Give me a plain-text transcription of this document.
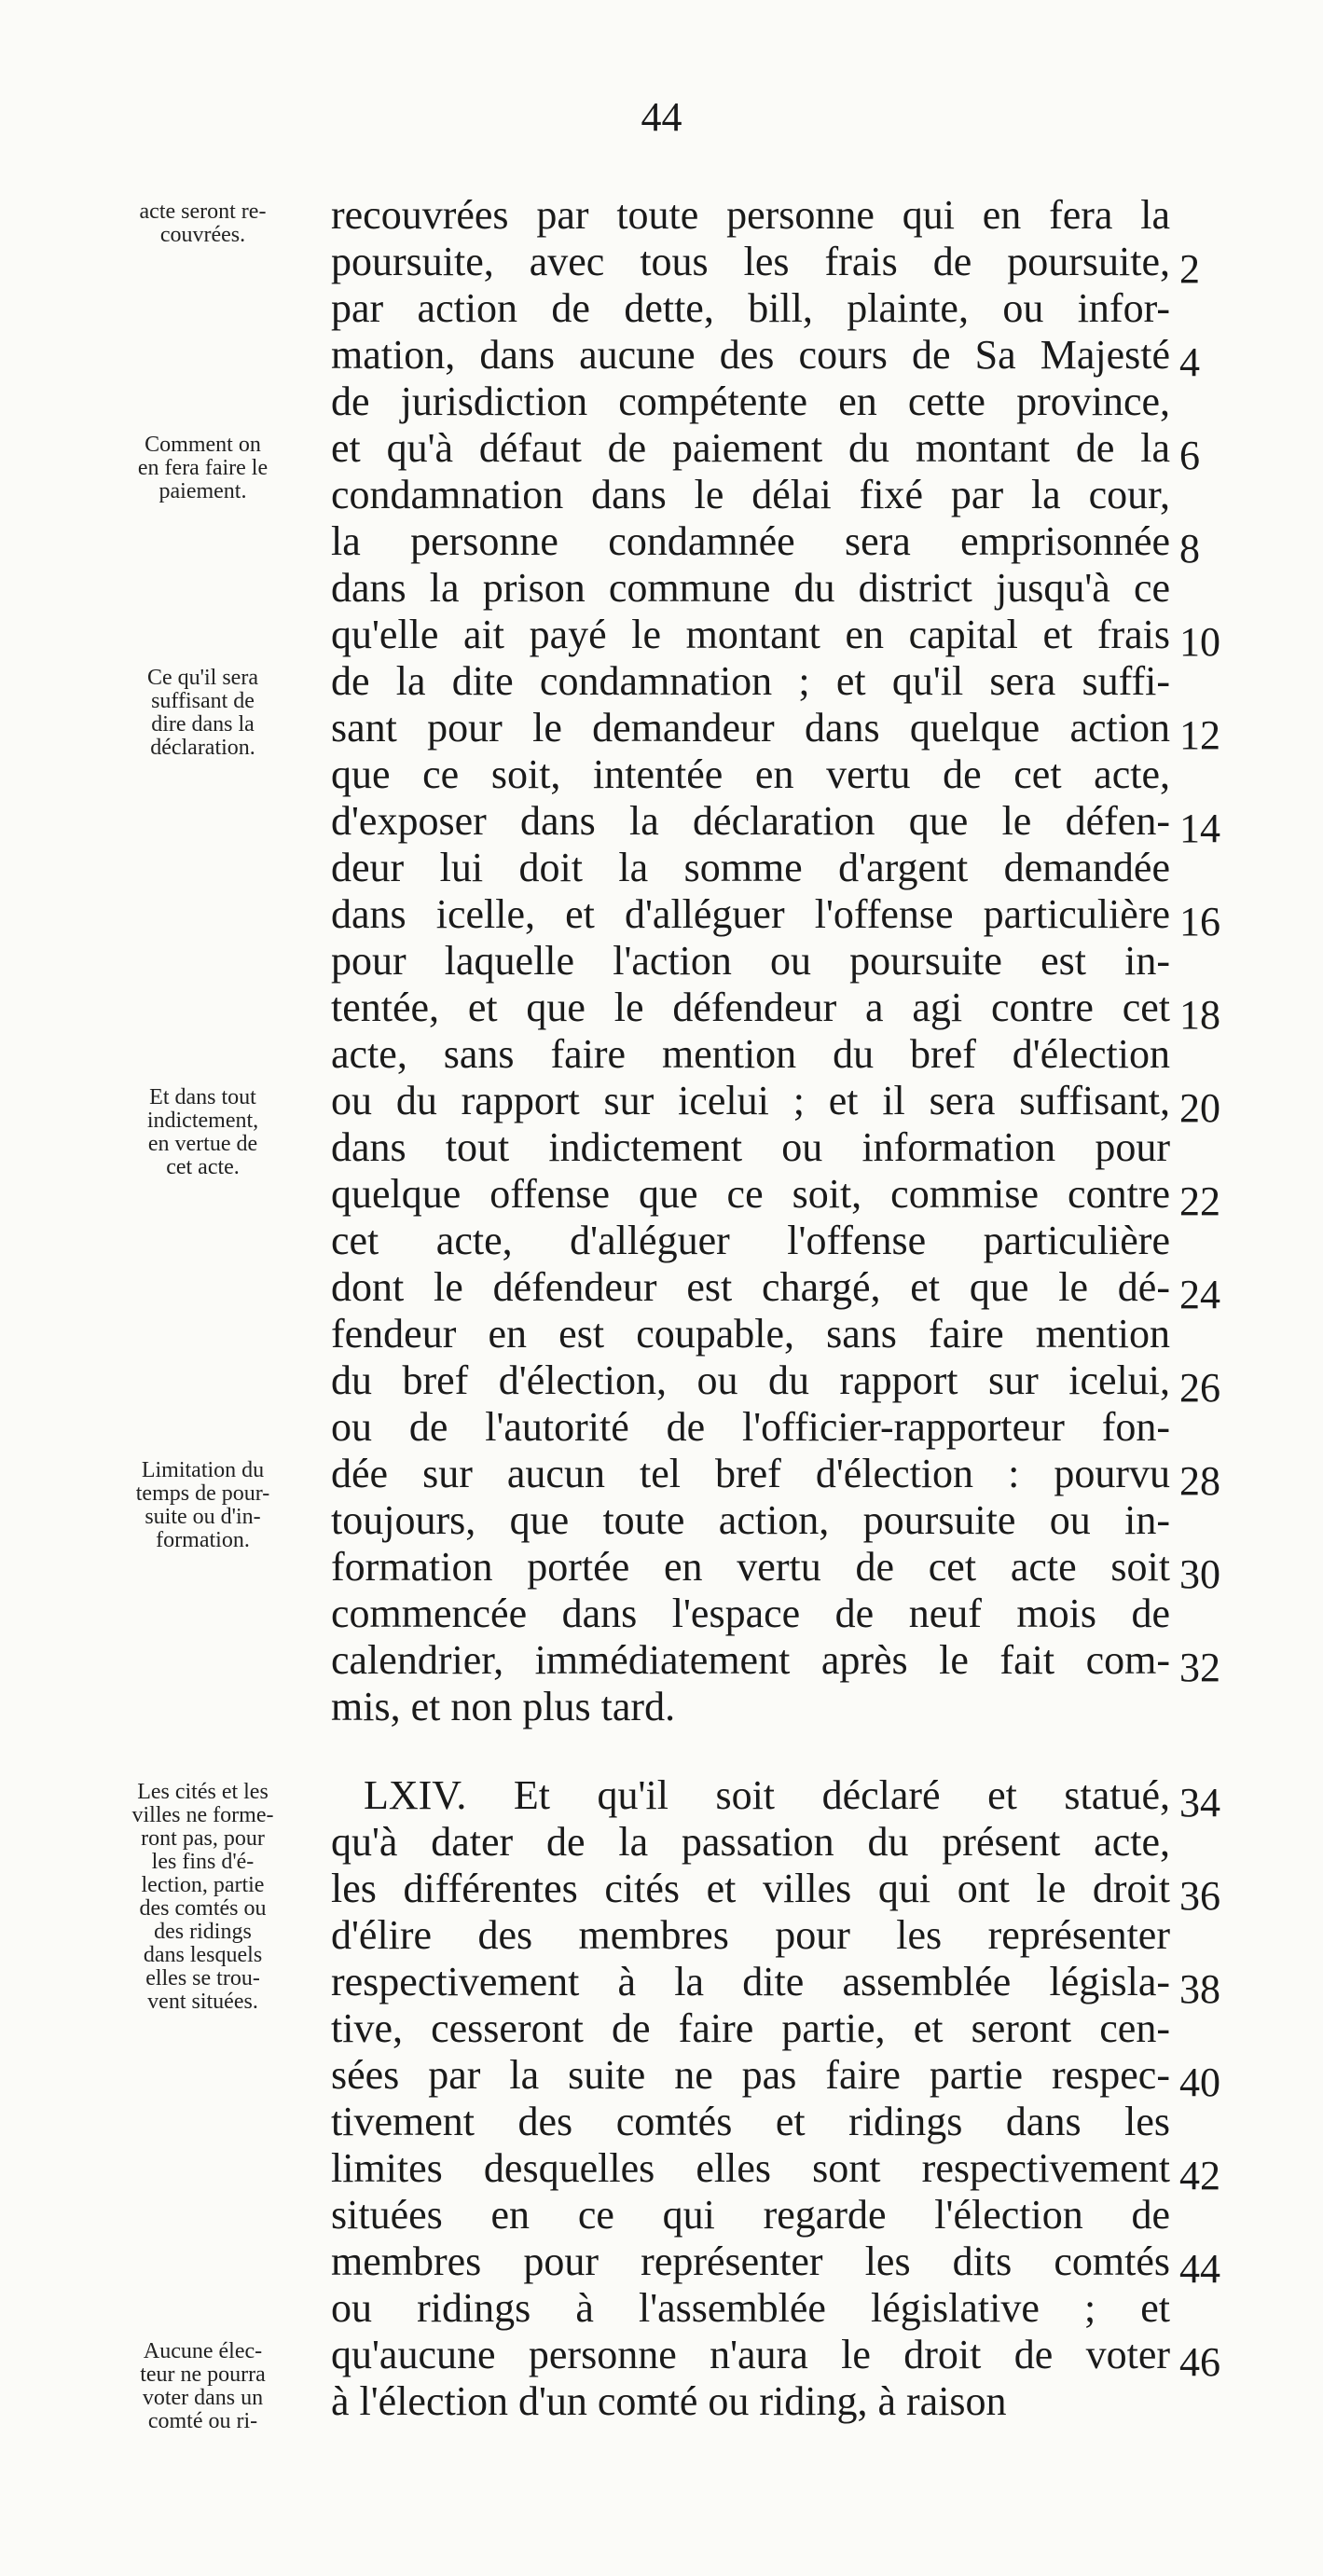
44
acte seront re-
couvrées.
Comment on
en fera faire le
paiement.
Ce qu'il sera
suffisant de
dire dans la
déclaration.
Et dans tout
indictement,
en vertue de
cet acte.
Limitation du
temps de pour-
suite ou d'in-
formation.
Les cités et les
villes ne forme-
ront pas, pour
les fins d'é-
lection, partie
des comtés ou
des ridings
dans lesquels
elles se trou-
vent situées.
Aucune élec-
teur ne pourra
voter dans un
comté ou ri-
recouvrées par toute personne qui en fera la
poursuite, avec tous les frais de poursuite,
par action de dette, bill, plainte, ou infor-
mation, dans aucune des cours de Sa Majesté
de jurisdiction compétente en cette province,
et qu'à défaut de paiement du montant de la
condamnation dans le délai fixé par la cour,
la personne condamnée sera emprisonnée
dans la prison commune du district jusqu'à ce
qu'elle ait payé le montant en capital et frais
de la dite condamnation ; et qu'il sera suffi-
sant pour le demandeur dans quelque action
que ce soit, intentée en vertu de cet acte,
d'exposer dans la déclaration que le défen-
deur lui doit la somme d'argent demandée
dans icelle, et d'alléguer l'offense particulière
pour laquelle l'action ou poursuite est in-
tentée, et que le défendeur a agi contre cet
acte, sans faire mention du bref d'élection
ou du rapport sur icelui ; et il sera suffisant,
dans tout indictement ou information pour
quelque offense que ce soit, commise contre
cet acte, d'alléguer l'offense particulière
dont le défendeur est chargé, et que le dé-
fendeur en est coupable, sans faire mention
du bref d'élection, ou du rapport sur icelui,
ou de l'autorité de l'officier-rapporteur fon-
dée sur aucun tel bref d'élection : pourvu
toujours, que toute action, poursuite ou in-
formation portée en vertu de cet acte soit
commencée dans l'espace de neuf mois de
calendrier, immédiatement après le fait com-
mis, et non plus tard.
LXIV. Et qu'il soit déclaré et statué,
qu'à dater de la passation du présent acte,
les différentes cités et villes qui ont le droit
d'élire des membres pour les représenter
respectivement à la dite assemblée législa-
tive, cesseront de faire partie, et seront cen-
sées par la suite ne pas faire partie respec-
tivement des comtés et ridings dans les
limites desquelles elles sont respectivement
situées en ce qui regarde l'élection de
membres pour représenter les dits comtés
ou ridings à l'assemblée législative ; et
qu'aucune personne n'aura le droit de voter
à l'élection d'un comté ou riding, à raison
2
4
6
8
10
12
14
16
18
20
22
24
26
28
30
32
34
36
38
40
42
44
46
